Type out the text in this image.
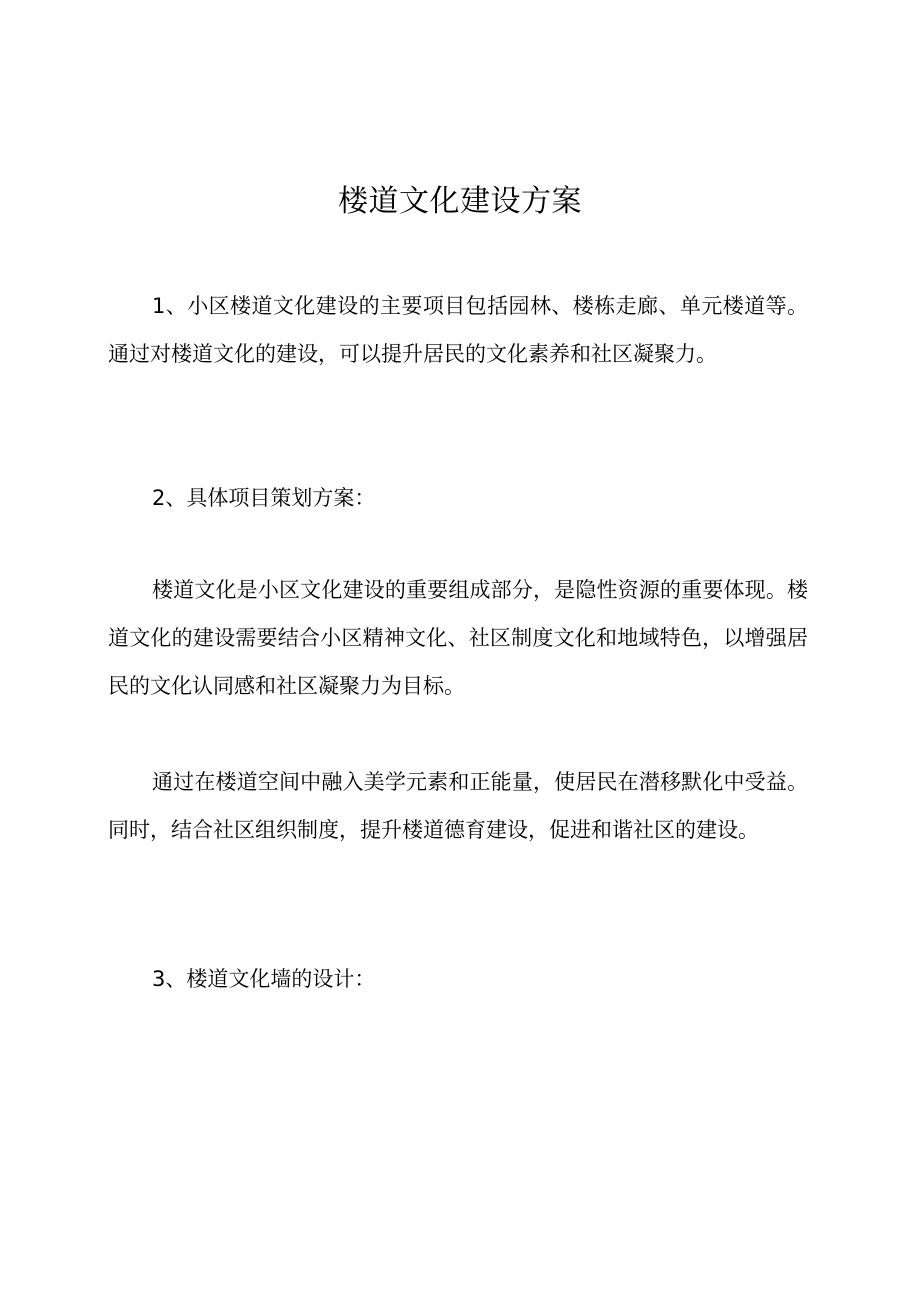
楼道文化建设方案

1、小区楼道文化建设的主要项目包括园林、楼栋走廊、单元楼道等。通过对楼道文化的建设，可以提升居民的文化素养和社区凝聚力。

2、具体项目策划方案：

楼道文化是小区文化建设的重要组成部分，是隐性资源的重要体现。楼道文化的建设需要结合小区精神文化、社区制度文化和地域特色，以增强居民的文化认同感和社区凝聚力为目标。

通过在楼道空间中融入美学元素和正能量，使居民在潜移默化中受益。同时，结合社区组织制度，提升楼道德育建设，促进和谐社区的建设。

3、楼道文化墙的设计：
